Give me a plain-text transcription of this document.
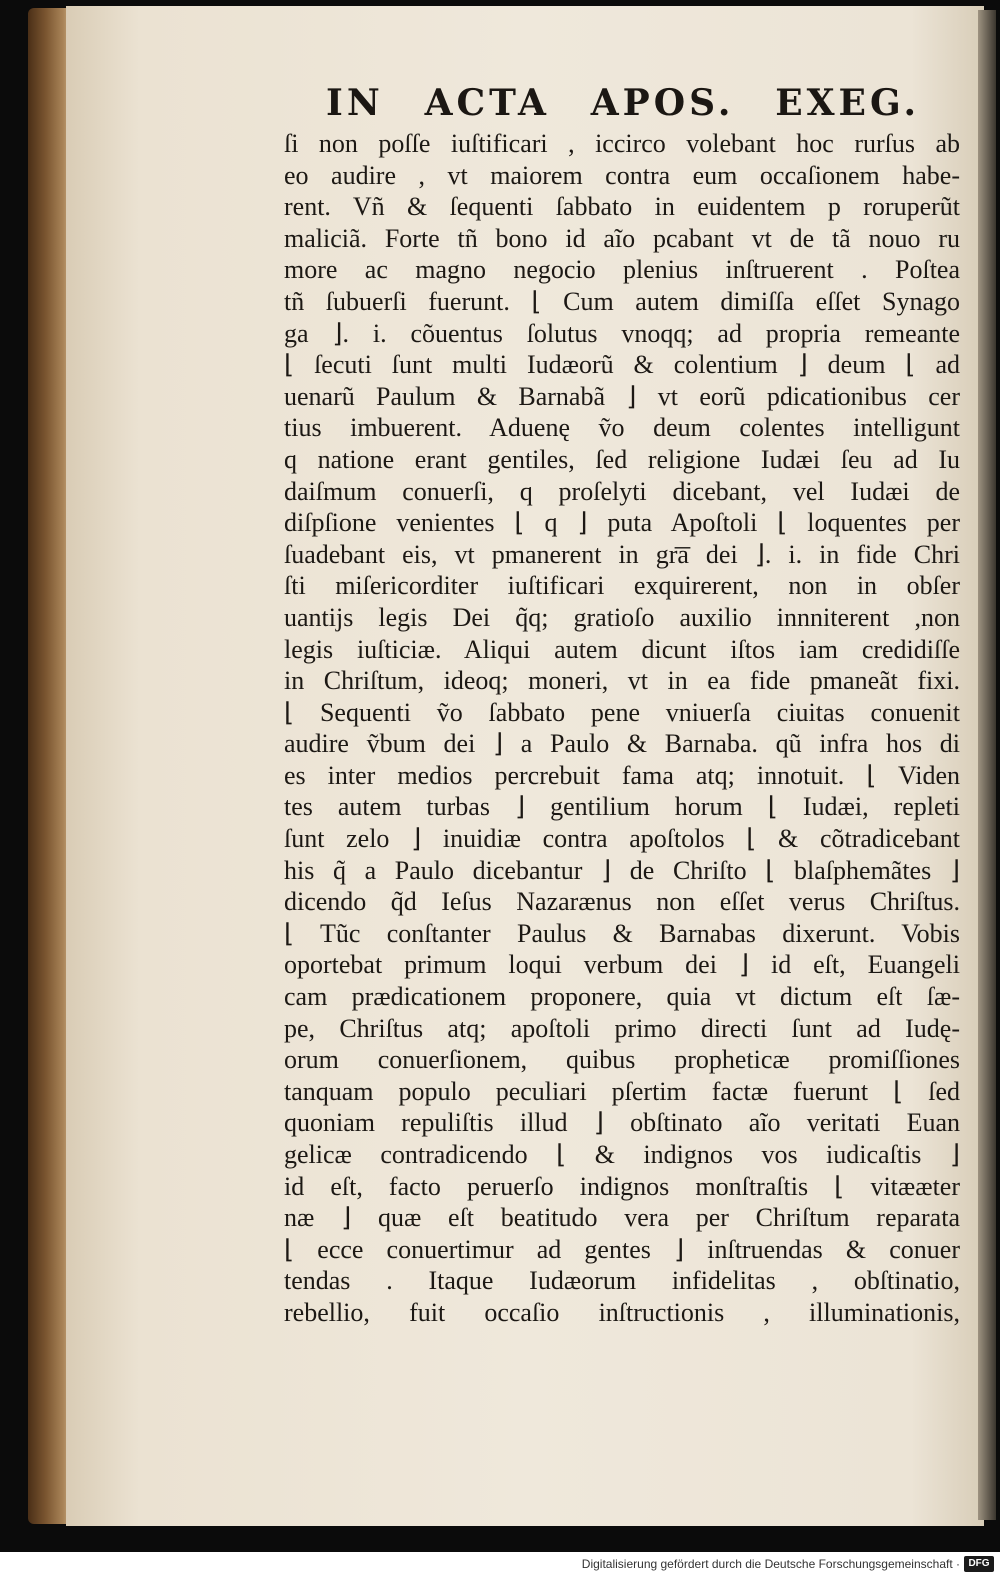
IN ACTA APOS. EXEG.
ſi non poſſe iuſtificari , iccirco volebant hoc rurſus ab
eo audire , vt maiorem contra eum occaſionem habe-
rent. Vñ & ſequenti ſabbato in euidentem p roruperũt
maliciã. Forte tñ bono id aĩo pcabant vt de tã nouo ru
more ac magno negocio plenius inſtruerent . Poſtea
tñ ſubuerſi fuerunt. ⌊ Cum autem dimiſſa eſſet Synago
ga ⌋. i. cõuentus ſolutus vnoqq; ad propria remeante
⌊ ſecuti ſunt multi Iudæorũ & colentium ⌋ deum ⌊ ad
uenarũ Paulum & Barnabã ⌋ vt eorũ pdicationibus cer
tius imbuerent. Aduenę ṽo deum colentes intelligunt
q natione erant gentiles, ſed religione Iudæi ſeu ad Iu
daiſmum conuerſi, q proſelyti dicebant, vel Iudæi de
diſpſione venientes ⌊ q ⌋ puta Apoſtoli ⌊ loquentes per
ſuadebant eis, vt pmanerent in gr͞a dei ⌋. i. in fide Chri
ſti miſericorditer iuſtificari exquirerent, non in obſer
uantijs legis Dei q̃q; gratioſo auxilio innniterent ,non
legis iuſticiæ. Aliqui autem dicunt iſtos iam credidiſſe
in Chriſtum, ideoq; moneri, vt in ea fide pmaneãt fixi.
⌊ Sequenti ṽo ſabbato pene vniuerſa ciuitas conuenit
audire ṽbum dei ⌋ a Paulo & Barnaba. qũ infra hos di
es inter medios percrebuit fama atq; innotuit. ⌊ Viden
tes autem turbas ⌋ gentilium horum ⌊ Iudæi, repleti
ſunt zelo ⌋ inuidiæ contra apoſtolos ⌊ & cõtradicebant
his q̃ a Paulo dicebantur ⌋ de Chriſto ⌊ blaſphemãtes ⌋
dicendo q̃d Ieſus Nazarænus non eſſet verus Chriſtus.
⌊ Tũc conſtanter Paulus & Barnabas dixerunt. Vobis
oportebat primum loqui verbum dei ⌋ id eſt, Euangeli
cam prædicationem proponere, quia vt dictum eſt ſæ-
pe, Chriſtus atq; apoſtoli primo directi ſunt ad Iudę-
orum conuerſionem, quibus propheticæ promiſſiones
tanquam populo peculiari pſertim factæ fuerunt ⌊ ſed
quoniam repuliſtis illud ⌋ obſtinato aĩo veritati Euan
gelicæ contradicendo ⌊ & indignos vos iudicaſtis ⌋
id eſt, facto peruerſo indignos monſtraſtis ⌊ vitææter
næ ⌋ quæ eſt beatitudo vera per Chriſtum reparata
⌊ ecce conuertimur ad gentes ⌋ inſtruendas & conuer
tendas . Itaque Iudæorum infidelitas , obſtinatio,
rebellio, fuit occaſio inſtructionis , illuminationis,
Digitalisierung gefördert durch die Deutsche Forschungsgemeinschaft · DFG
